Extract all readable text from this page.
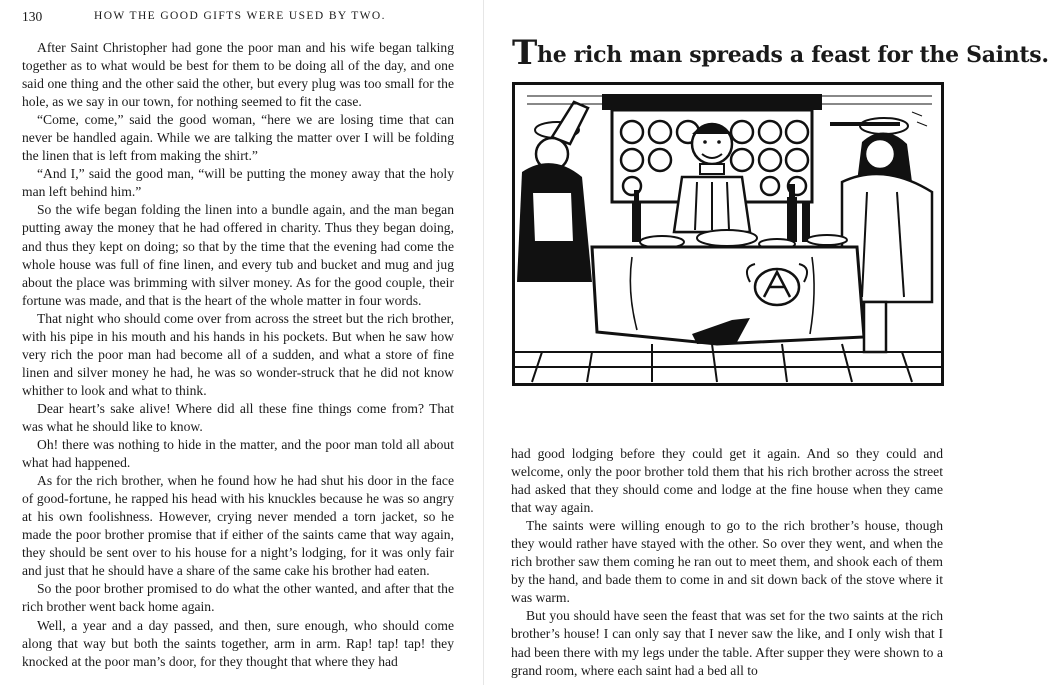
130	HOW THE GOOD GIFTS WERE USED BY TWO.

After Saint Christopher had gone the poor man and his wife began talking together as to what would be best for them to be doing all of the day, and one said one thing and the other said the other, but every plug was too small for the hole, as we say in our town, for nothing seemed to fit the case.

“Come, come,” said the good woman, “here we are losing time that can never be handled again. While we are talking the matter over I will be folding the linen that is left from making the shirt.”

“And I,” said the good man, “will be putting the money away that the holy man left behind him.”

So the wife began folding the linen into a bundle again, and the man began putting away the money that he had offered in charity. Thus they began doing, and thus they kept on doing; so that by the time that the evening had come the whole house was full of fine linen, and every tub and bucket and mug and jug about the place was brimming with silver money. As for the good couple, their fortune was made, and that is the heart of the whole matter in four words.

That night who should come over from across the street but the rich brother, with his pipe in his mouth and his hands in his pockets. But when he saw how very rich the poor man had become all of a sudden, and what a store of fine linen and silver money he had, he was so wonder-struck that he did not know whither to look and what to think.

Dear heart’s sake alive! Where did all these fine things come from? That was what he should like to know.

Oh! there was nothing to hide in the matter, and the poor man told all about what had happened.

As for the rich brother, when he found how he had shut his door in the face of good-fortune, he rapped his head with his knuckles because he was so angry at his own foolishness. However, crying never mended a torn jacket, so he made the poor brother promise that if either of the saints came that way again, they should be sent over to his house for a night’s lodging, for it was only fair and just that he should have a share of the same cake his brother had eaten.

So the poor brother promised to do what the other wanted, and after that the rich brother went back home again.

Well, a year and a day passed, and then, sure enough, who should come along that way but both the saints together, arm in arm. Rap! tap! tap! they knocked at the poor man’s door, for they thought that where they had

The rich man spreads a feast for the Saints.

had good lodging before they could get it again. And so they could and welcome, only the poor brother told them that his rich brother across the street had asked that they should come and lodge at the fine house when they came that way again.

The saints were willing enough to go to the rich brother’s house, though they would rather have stayed with the other. So over they went, and when the rich brother saw them coming he ran out to meet them, and shook each of them by the hand, and bade them to come in and sit down back of the stove where it was warm.

But you should have seen the feast that was set for the two saints at the rich brother’s house! I can only say that I never saw the like, and I only wish that I had been there with my legs under the table. After supper they were shown to a grand room, where each saint had a bed all to
